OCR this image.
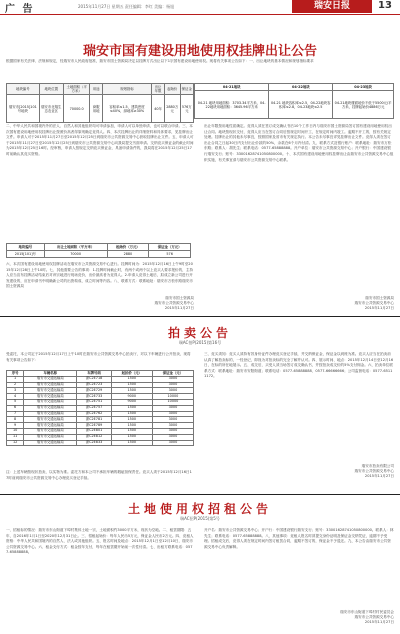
广 告	2015年11月27日 星期五 责任编辑：李红 美编：杨旭	瑞安日报	13
瑞安市国有建设用地使用权挂牌出让公告
根据国家有关法律、法规和规定，经瑞安市人民政府批准，瑞安市国土资源局决定以挂牌方式出让以下1宗国有建设用地使用权。现将有关事项公告如下：一、出让地块的基本情况和规划指标要求
地块编号	地块位置	土地面积（平方米）	用途	规划指标	出让年限	起始价	保证金
瑞安市[2015]101号地块	瑞安市北翔生态农业区	70000.0	商服用地	容积率≤1.5，建筑密度≤40%，绿地率≥30%	40年	2880万元	576万元
04-21地块	04-22地块	04-23地块
04-21 地块用地面积：3703.34平方米，04-22地块用地面积：3645.96平方米	04-21 地块容积率≤2.5，04-22地块容积率≤2.8，04-23地块≤2.5	04-21地块楼面地价不低于5500元/平方米，挂牌起始价4886万元
二、中华人民共和国境内外的法人、自然人和其他组织均可申请参加，申请人可以单独申请，也可以联合申请。三、本次国有建设用地使用权挂牌出让按照价高者得原则确定竞得人。四、本次挂牌出让的详细资料和具体要求，见挂牌出让文件。申请人可于2015年11月27日至2015年12月25日到瑞安市公共资源交易中心获取挂牌出让文件。五、申请人可于2015年11月27日至2015年12月25日到瑞安市公共资源交易中心向我局提交书面申请。交纳竞买保证金的截止时间为2015年12月25日16时。经审核，申请人按规定交纳竞买保证金，具备申请条件的，我局将在2015年12月25日17时前确认其竞买资格。
地块编号	出让土地面积（平方米）	起始价（万元）	保证金（万元）
2015[101]号	70000	2880	576
六、本次国有建设用地使用权挂牌活动在瑞安市公共资源交易中心进行。挂牌时间为：2015年12月16日上午9时至2015年12月28日上午10时。七、其他需要公告的事项：1.挂牌时间截止时，有两个或两个以上竞买人要求报价的，主持人应当宣布挂牌活动结束后对该宗地进行现场竞价，出价最高者为竞得人。2.申请人竞得土地后，拟成立新公司进行开发建设的，应在申请书中明确新公司的出资构成、成立时间等内容。八、联系方式：联系地址：瑞安市万松东路瑞安市国土资源局
出让年限按用地性质确定。竞得人须在签订成交确认书后10个工作日内与瑞安市国土资源局签订国有建设用地使用权出让合同。地块按现状交付，竞得人应当在签订合同后按规定时间开工，在规定时间内竣工。逾期不开工的，按有关规定处理。挂牌出让的其他未尽事宜，按照国家及省市有关规定执行。本公告未尽事宜详见挂牌出让文件。竞得人须在签订出让合同之日起30日内支付出让价款的50%，余款在6个月内付清。九、联系方式及银行账户：联系地址：瑞安市万松东路；联系人：胡先生；联系电话：0577-65888888。开户单位：瑞安市公共资源交易中心；开户银行：中国建设银行瑞安支行；账号：33001628741050800000。十、本次国有建设用地使用权挂牌出让由瑞安市公共资源交易中心组织实施，有关事宜请与瑞安市公共资源交易中心联系。
瑞安市国土资源局
瑞安市公共资源交易中心
2015年11月27日
瑞安市国土资源局
瑞安市公共资源交易中心
2015年11月27日
拍卖公告
瑞AC拍P(2015)第16号
受委托，本公司定于2015年12月17日上午10时在瑞安市公共资源交易中心拍卖厅，对以下车辆进行公开拍卖，现将有关事项公告如下：
序号	车辆名称	车牌号码	起拍价（元）	保证金（元）
1	瑞安市交通运输局	浙C2E718	1500	3000
2	瑞安市交通运输局	浙C2E723	1500	3000
3	瑞安市交通运输局	浙C2E729	1500	3000
4	瑞安市交通运输局	浙C2E733	9000	10000
5	瑞安市交通运输局	浙C2E751	9000	10000
6	瑞安市交通运输局	浙C2E757	1500	3000
7	瑞安市交通运输局	浙C2E762	1500	3000
8	瑞安市交通运输局	浙C2E781	1500	3000
9	瑞安市交通运输局	浙C2E789	1500	3000
10	瑞安市交通运输局	浙C2E801	1500	3000
11	瑞安市交通运输局	浙C2E812	1500	3000
12	瑞安市交通运输局	浙C2E833	1500	3000
注：上述车辆按现状拍卖，以实物为准。委托方和本公司不承担车辆的瑕疵担保责任。竞买人须于2015年12月16日17时前到瑞安市公共资源交易中心办理竞买登记手续。
三、竞买须知：竞买人须持有效身份证件办理竞买登记手续，并交纳保证金，保证金以到账为准。竞买人应当在拍卖前认真了解拍卖标的，一经登记，即视为对拍卖标的完全了解并认可。四、展示时间、地点：2015年12月14日至12月16日，在标的所在地展示。五、成交后，买受人须当场签订成交确认书，并按拍卖成交价的5%支付佣金。六、拍卖单位联系方式：联系地址：瑞安市安阳街道；联系电话：0577-65888888、0577-66666666；公司监督电话：0577-65111172。
瑞安市拍卖有限公司
瑞安市公共资源交易中心
2015年11月27日
土地使用权招租公告
瑞AC招P(2015)第5号
一、招租标的情况：瑞安市东山街道下埠村集体土地一宗，土地面积约3000平方米，现状为空地。二、租赁期限：五年，自2016年1月1日至2020年12月31日止。三、招租起始价：每年人民币5万元，保证金人民币2万元。四、竞租人资格：中华人民共和国境内的自然人、法人或其他组织。五、报名时间及地点：2015年12月1日至12月10日，瑞安市公共资源交易中心。六、租金支付方式：租金按年支付，每年在租赁期开始前一次性付清。七、出租方联系电话：0577-65888888。
开户名：瑞安市公共资源交易中心；开户行：中国建设银行瑞安支行；账号：33001628741050800000。联系人：林先生；联系电话：0577-65888888。八、其他事项：竞租人报名时须提交身份证明及保证金交纳凭证，逾期不予受理。招租成交后，竞得人须在规定时间内签订租赁合同，逾期不签订的，保证金不予退还。九、本公告由瑞安市公共资源交易中心负责解释。
瑞安市东山街道下埠村村民委员会
瑞安市公共资源交易中心
2015年11月27日
